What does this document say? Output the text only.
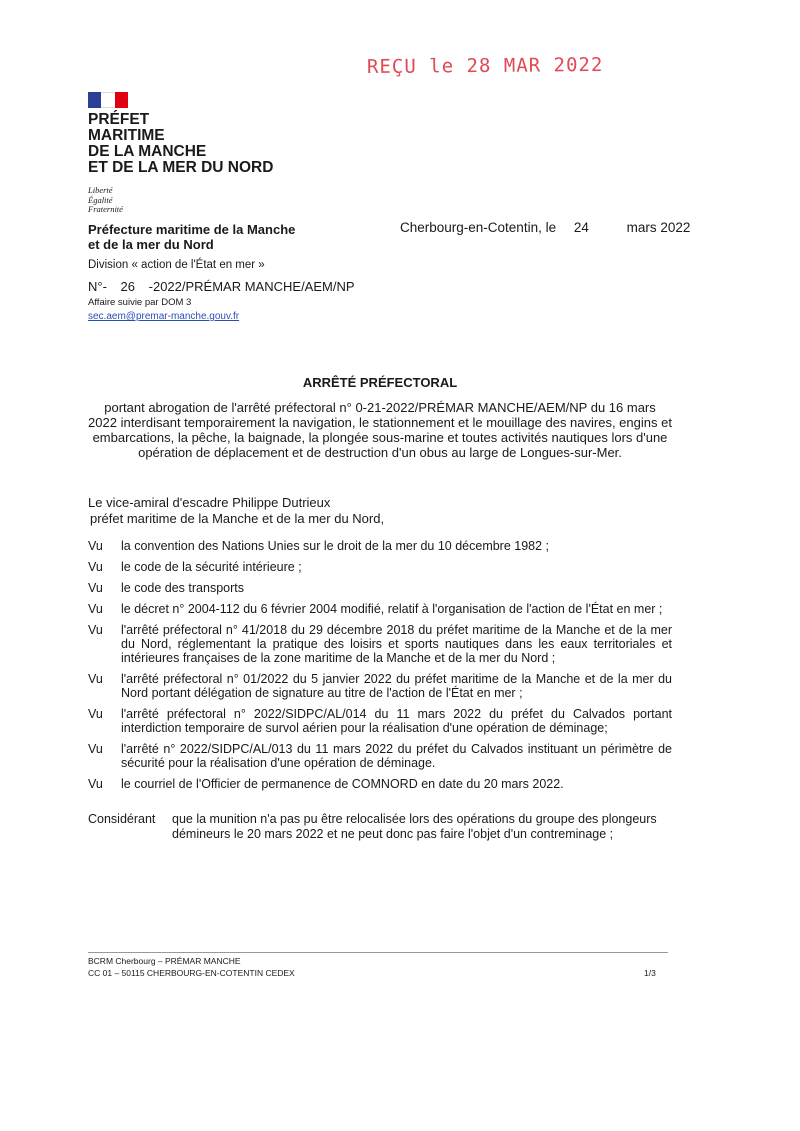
REÇU le 28 MAR 2022
PRÉFET
MARITIME
DE LA MANCHE
ET DE LA MER DU NORD
Liberté
Égalité
Fraternité
Préfecture maritime de la Manche
et de la mer du Nord
Cherbourg-en-Cotentin, le 24	mars 2022
Division « action de l'État en mer »
N°- 26 -2022/PRÉMAR MANCHE/AEM/NP
Affaire suivie par DOM 3
sec.aem@premar-manche.gouv.fr
ARRÊTÉ PRÉFECTORAL
portant abrogation de l'arrêté préfectoral n° 0-21-2022/PRÉMAR MANCHE/AEM/NP du 16 mars 2022 interdisant temporairement la navigation, le stationnement et le mouillage des navires, engins et embarcations, la pêche, la baignade, la plongée sous-marine et toutes activités nautiques lors d'une opération de déplacement et de destruction d'un obus au large de Longues-sur-Mer.
Le vice-amiral d'escadre Philippe Dutrieux
préfet maritime de la Manche et de la mer du Nord,
Vu	la convention des Nations Unies sur le droit de la mer du 10 décembre 1982 ;
Vu	le code de la sécurité intérieure ;
Vu	le code des transports
Vu	le décret n° 2004-112 du 6 février 2004 modifié, relatif à l'organisation de l'action de l'État en mer ;
Vu	l'arrêté préfectoral n° 41/2018 du 29 décembre 2018 du préfet maritime de la Manche et de la mer du Nord, réglementant la pratique des loisirs et sports nautiques dans les eaux territoriales et intérieures françaises de la zone maritime de la Manche et de la mer du Nord ;
Vu	l'arrêté préfectoral n° 01/2022 du 5 janvier 2022 du préfet maritime de la Manche et de la mer du Nord portant délégation de signature au titre de l'action de l'État en mer ;
Vu	l'arrêté préfectoral n° 2022/SIDPC/AL/014 du 11 mars 2022 du préfet du Calvados portant interdiction temporaire de survol aérien pour la réalisation d'une opération de déminage;
Vu	l'arrêté n° 2022/SIDPC/AL/013 du 11 mars 2022 du préfet du Calvados instituant un périmètre de sécurité pour la réalisation d'une opération de déminage.
Vu	le courriel de l'Officier de permanence de COMNORD en date du 20 mars 2022.
Considérant	que la munition n'a pas pu être relocalisée lors des opérations du groupe des plongeurs démineurs le 20 mars 2022 et ne peut donc pas faire l'objet d'un contreminage ;
BCRM Cherbourg – PRÉMAR MANCHE
CC 01 – 50115 CHERBOURG-EN-COTENTIN CEDEX	1/3
